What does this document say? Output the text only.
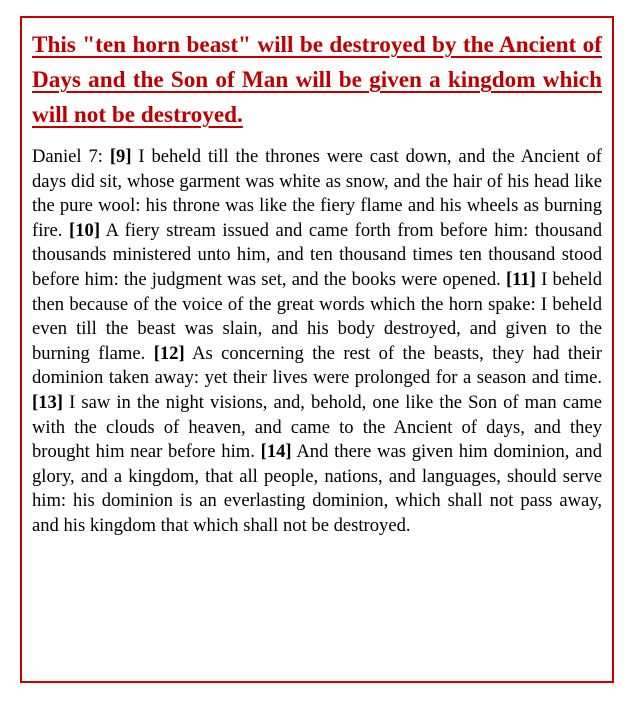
This "ten horn beast" will be destroyed by the Ancient of Days and the Son of Man will be given a kingdom which will not be destroyed.

Daniel 7: [9] I beheld till the thrones were cast down, and the Ancient of days did sit, whose garment was white as snow, and the hair of his head like the pure wool: his throne was like the fiery flame and his wheels as burning fire. [10] A fiery stream issued and came forth from before him: thousand thousands ministered unto him, and ten thousand times ten thousand stood before him: the judgment was set, and the books were opened. [11] I beheld then because of the voice of the great words which the horn spake: I beheld even till the beast was slain, and his body destroyed, and given to the burning flame. [12] As concerning the rest of the beasts, they had their dominion taken away: yet their lives were prolonged for a season and time. [13] I saw in the night visions, and, behold, one like the Son of man came with the clouds of heaven, and came to the Ancient of days, and they brought him near before him. [14] And there was given him dominion, and glory, and a kingdom, that all people, nations, and languages, should serve him: his dominion is an everlasting dominion, which shall not pass away, and his kingdom that which shall not be destroyed.
